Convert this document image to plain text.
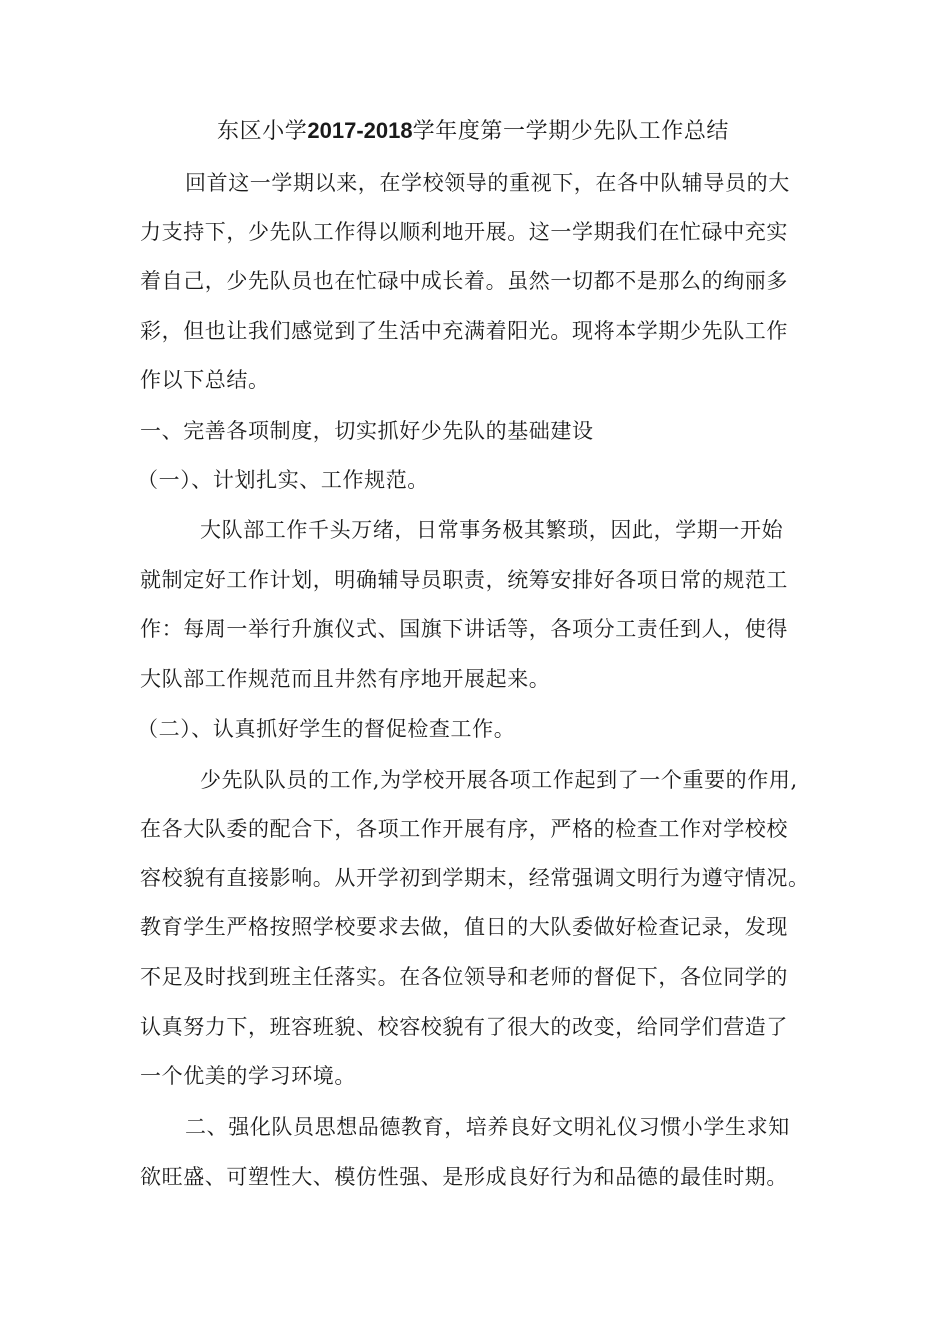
东区小学2017-2018学年度第一学期少先队工作总结
回首这一学期以来，在学校领导的重视下，在各中队辅导员的大
力支持下，少先队工作得以顺利地开展。这一学期我们在忙碌中充实
着自己，少先队员也在忙碌中成长着。虽然一切都不是那么的绚丽多
彩，但也让我们感觉到了生活中充满着阳光。现将本学期少先队工作
作以下总结。
一、完善各项制度，切实抓好少先队的基础建设
（一）、计划扎实、工作规范。
大队部工作千头万绪，日常事务极其繁琐，因此，学期一开始
就制定好工作计划，明确辅导员职责，统筹安排好各项日常的规范工
作：每周一举行升旗仪式、国旗下讲话等，各项分工责任到人，使得
大队部工作规范而且井然有序地开展起来。
（二）、认真抓好学生的督促检查工作。
少先队队员的工作,为学校开展各项工作起到了一个重要的作用,
在各大队委的配合下，各项工作开展有序，严格的检查工作对学校校
容校貌有直接影响。从开学初到学期末，经常强调文明行为遵守情况。
教育学生严格按照学校要求去做，值日的大队委做好检查记录，发现
不足及时找到班主任落实。在各位领导和老师的督促下，各位同学的
认真努力下，班容班貌、校容校貌有了很大的改变，给同学们营造了
一个优美的学习环境。
二、强化队员思想品德教育，培养良好文明礼仪习惯小学生求知
欲旺盛、可塑性大、模仿性强、是形成良好行为和品德的最佳时期。
